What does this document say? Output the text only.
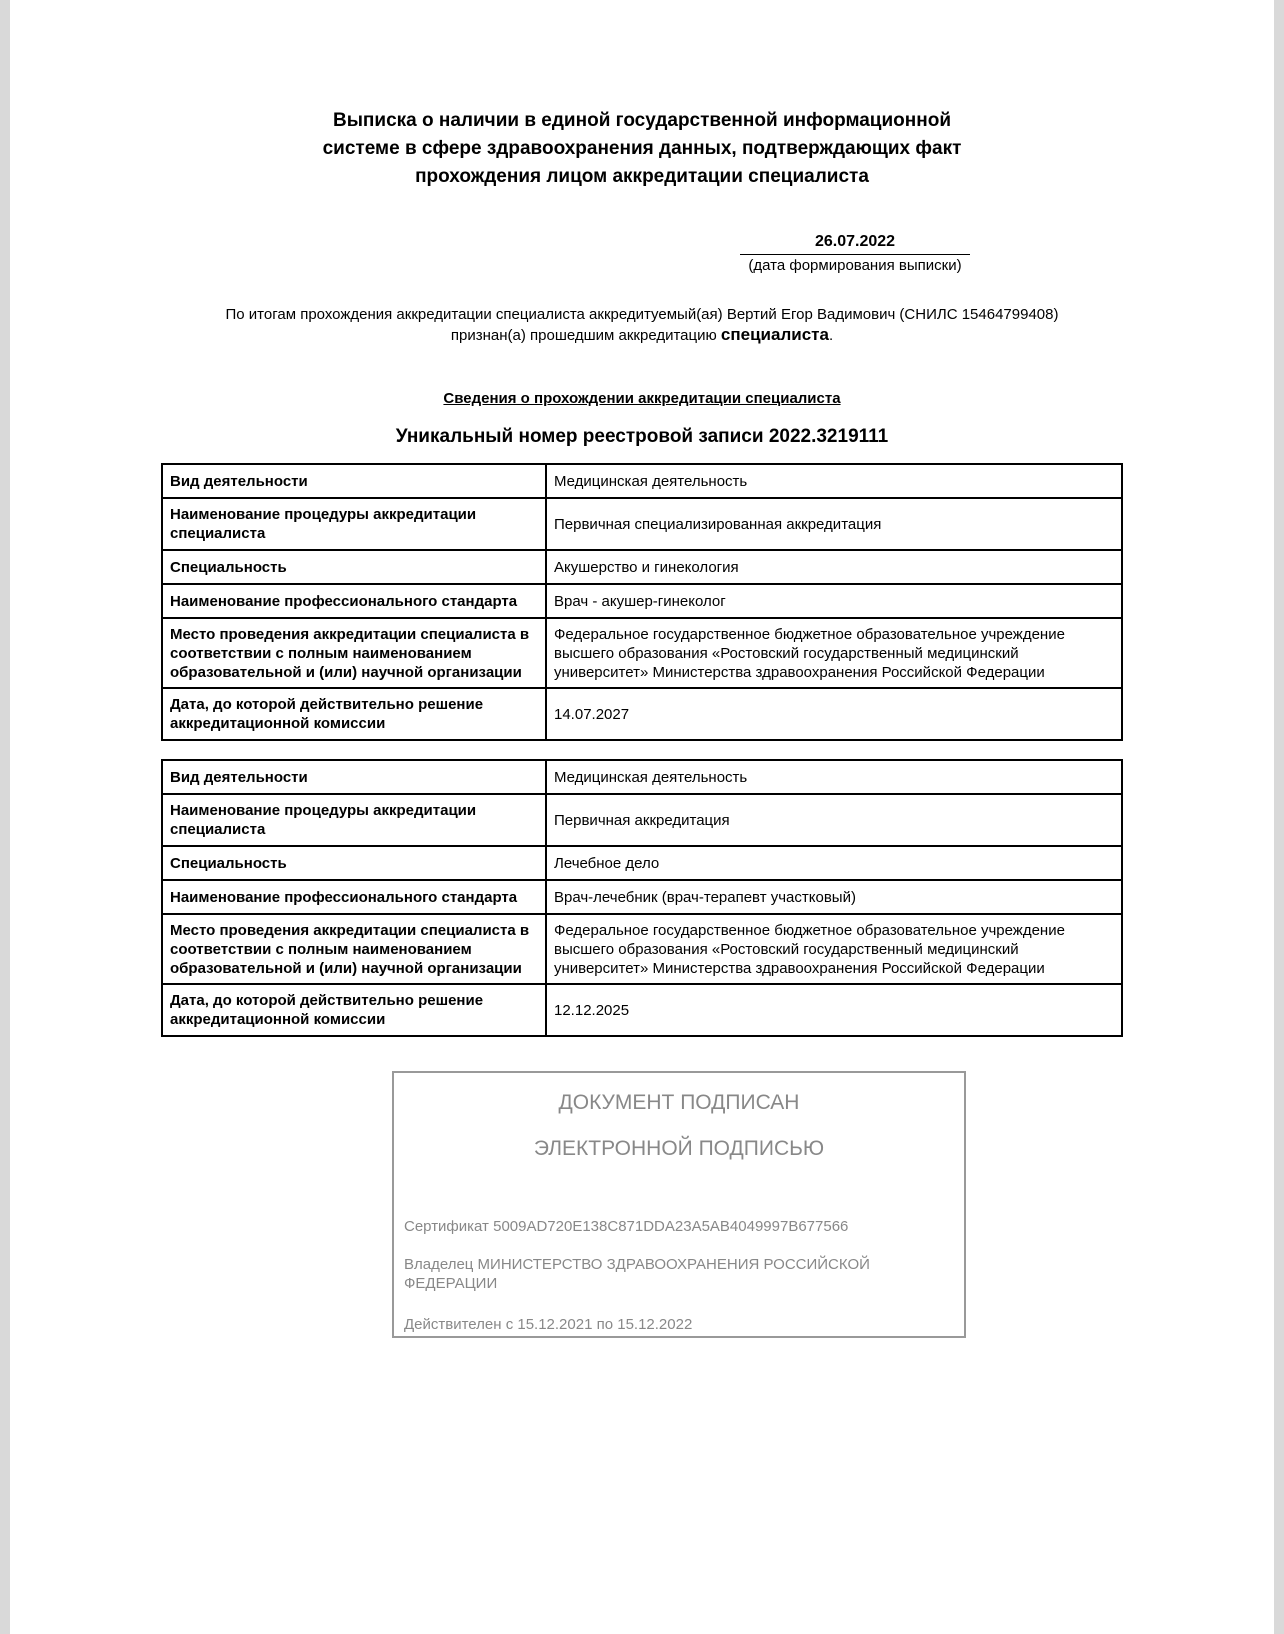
Выписка о наличии в единой государственной информационной
системе в сфере здравоохранения данных, подтверждающих факт
прохождения лицом аккредитации специалиста
26.07.2022
(дата формирования выписки)
По итогам прохождения аккредитации специалиста аккредитуемый(ая) Вертий Егор Вадимович (СНИЛС 15464799408)
признан(а) прошедшим аккредитацию специалиста.
Сведения о прохождении аккредитации специалиста
Уникальный номер реестровой записи 2022.3219111
Вид деятельности	Медицинская деятельность
Наименование процедуры аккредитации специалиста	Первичная специализированная аккредитация
Специальность	Акушерство и гинекология
Наименование профессионального стандарта	Врач - акушер-гинеколог
Место проведения аккредитации специалиста в соответствии с полным наименованием образовательной и (или) научной организации	Федеральное государственное бюджетное образовательное учреждение высшего образования «Ростовский государственный медицинский университет» Министерства здравоохранения Российской Федерации
Дата, до которой действительно решение аккредитационной комиссии	14.07.2027
Вид деятельности	Медицинская деятельность
Наименование процедуры аккредитации специалиста	Первичная аккредитация
Специальность	Лечебное дело
Наименование профессионального стандарта	Врач-лечебник (врач-терапевт участковый)
Место проведения аккредитации специалиста в соответствии с полным наименованием образовательной и (или) научной организации	Федеральное государственное бюджетное образовательное учреждение высшего образования «Ростовский государственный медицинский университет» Министерства здравоохранения Российской Федерации
Дата, до которой действительно решение аккредитационной комиссии	12.12.2025
ДОКУМЕНТ ПОДПИСАН
ЭЛЕКТРОННОЙ ПОДПИСЬЮ
Сертификат 5009AD720E138C871DDA23A5AB4049997B677566
Владелец МИНИСТЕРСТВО ЗДРАВООХРАНЕНИЯ РОССИЙСКОЙ ФЕДЕРАЦИИ
Действителен с 15.12.2021 по 15.12.2022
